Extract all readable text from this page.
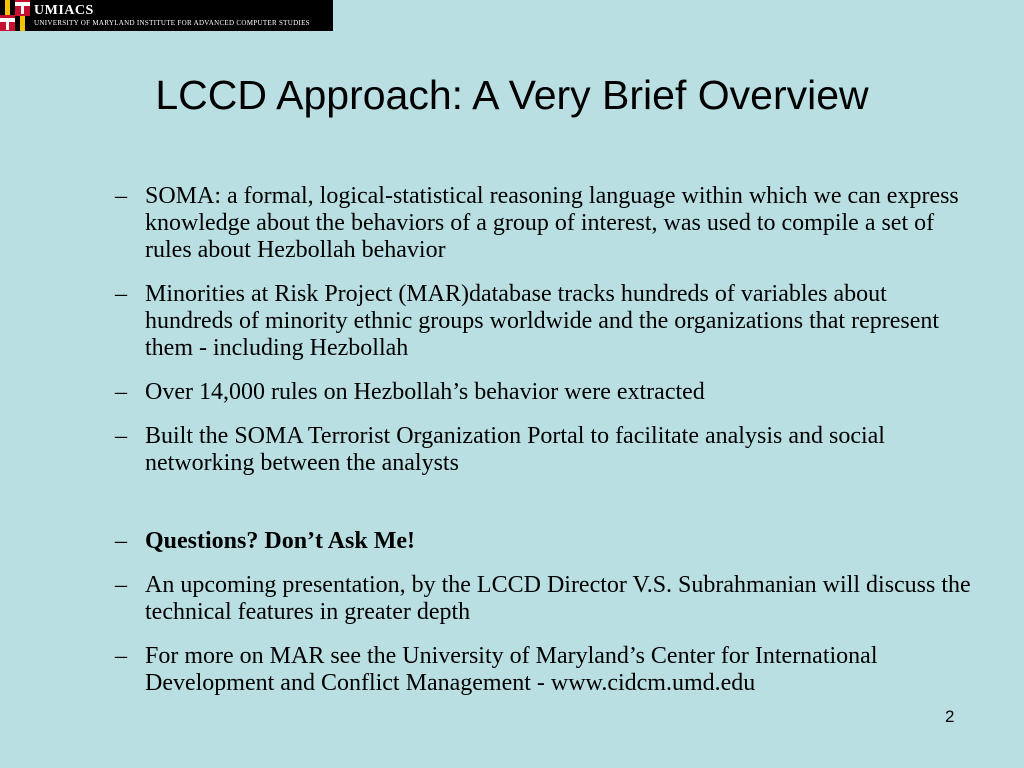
UMIACS
UNIVERSITY OF MARYLAND INSTITUTE FOR ADVANCED COMPUTER STUDIES
LCCD Approach: A Very Brief Overview
– SOMA: a formal, logical-statistical reasoning language within which we can express knowledge about the behaviors of a group of interest, was used to compile a set of rules about Hezbollah behavior
– Minorities at Risk Project (MAR)database tracks hundreds of variables about hundreds of minority ethnic groups worldwide and the organizations that represent them - including Hezbollah
– Over 14,000 rules on Hezbollah’s behavior were extracted
– Built the SOMA Terrorist Organization Portal to facilitate analysis and social networking between the analysts
– Questions? Don’t Ask Me!
– An upcoming presentation, by the LCCD Director V.S. Subrahmanian will discuss the technical features in greater depth
– For more on MAR see the University of Maryland’s Center for International Development and Conflict Management - www.cidcm.umd.edu
2
